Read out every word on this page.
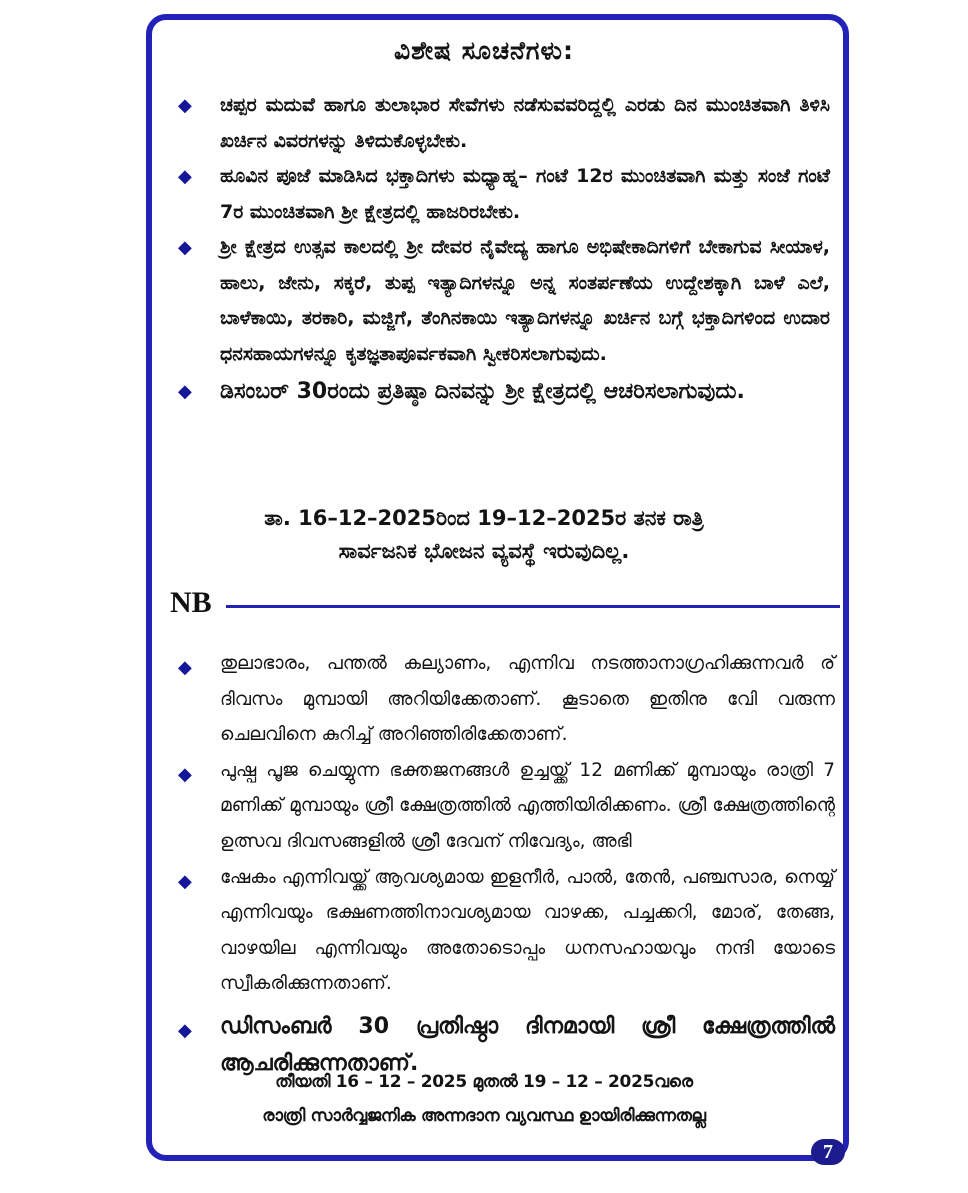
ವಿಶೇಷ ಸೂಚನೆಗಳು:

◆ ಚಪ್ಪರ ಮದುವೆ ಹಾಗೂ ತುಲಾಭಾರ ಸೇವೆಗಳು ನಡೆಸುವವರಿದ್ದಲ್ಲಿ ಎರಡು ದಿನ ಮುಂಚಿತವಾಗಿ ತಿಳಿಸಿ ಖರ್ಚಿನ ವಿವರಗಳನ್ನು ತಿಳಿದುಕೊಳ್ಳಬೇಕು.

◆ ಹೂವಿನ ಪೂಜೆ ಮಾಡಿಸಿದ ಭಕ್ತಾದಿಗಳು ಮಧ್ಯಾಹ್ನ– ಗಂಟೆ 12ರ ಮುಂಚಿತವಾಗಿ ಮತ್ತು ಸಂಜೆ ಗಂಟೆ 7ರ ಮುಂಚಿತವಾಗಿ ಶ್ರೀ ಕ್ಷೇತ್ರದಲ್ಲಿ ಹಾಜರಿರಬೇಕು.

◆ ಶ್ರೀ ಕ್ಷೇತ್ರದ ಉತ್ಸವ ಕಾಲದಲ್ಲಿ ಶ್ರೀ ದೇವರ ನೈವೇದ್ಯ ಹಾಗೂ ಅಭಿಷೇಕಾದಿಗಳಿಗೆ ಬೇಕಾಗುವ ಸೀಯಾಳ, ಹಾಲು, ಜೇನು, ಸಕ್ಕರೆ, ತುಪ್ಪ ಇತ್ಯಾದಿಗಳನ್ನೂ ಅನ್ನ ಸಂತರ್ಪಣೆಯ ಉದ್ದೇಶಕ್ಕಾಗಿ ಬಾಳೆ ಎಲೆ, ಬಾಳೆಕಾಯಿ, ತರಕಾರಿ, ಮಜ್ಜಿಗೆ, ತೆಂಗಿನಕಾಯಿ ಇತ್ಯಾದಿಗಳನ್ನೂ ಖರ್ಚಿನ ಬಗ್ಗೆ ಭಕ್ತಾದಿಗಳಿಂದ ಉದಾರ ಧನಸಹಾಯಗಳನ್ನೂ ಕೃತಜ್ಞತಾಪೂರ್ವಕವಾಗಿ ಸ್ವೀಕರಿಸಲಾಗುವುದು.

◆ ಡಿಸಂಬರ್ 30ರಂದು ಪ್ರತಿಷ್ಠಾ ದಿನವನ್ನು ಶ್ರೀ ಕ್ಷೇತ್ರದಲ್ಲಿ ಆಚರಿಸಲಾಗುವುದು.

ತಾ. 16–12–2025ರಿಂದ 19–12–2025ರ ತನಕ ರಾತ್ರಿ
ಸಾರ್ವಜನಿಕ ಭೋಜನ ವ್ಯವಸ್ಥೆ ಇರುವುದಿಲ್ಲ.
NB

◆ തുലാഭാരം, പന്തൽ കല്യാണം, എന്നിവ നടത്താനാഗ്രഹിക്കുന്നവർ ര് ദിവസം മുമ്പായി അറിയിക്കേതാണ്. കൂടാതെ ഇതിനു വേി വരുന്ന ചെലവിനെ കുറിച്ച് അറിഞ്ഞിരിക്കേതാണ്.

◆ പുഷ്പ പൂജ ചെയ്യുന്ന ഭക്തജനങ്ങൾ ഉച്ചയ്ക്ക് 12 മണിക്ക് മുമ്പായും രാത്രി 7 മണിക്ക് മുമ്പായും ശ്രീ ക്ഷേത്രത്തിൽ എത്തിയിരിക്കണം. ശ്രീ ക്ഷേത്രത്തിന്റെ ഉത്സവ ദിവസങ്ങളിൽ ശ്രീ ദേവന് നിവേദ്യം, അഭി

◆ ഷേകം എന്നിവയ്ക്ക് ആവശ്യമായ ഇളനീർ, പാൽ, തേൻ, പഞ്ചസാര, നെയ്യ് എന്നിവയും ഭക്ഷണത്തിനാവശ്യമായ വാഴക്ക, പച്ചക്കറി, മോര്, തേങ്ങ, വാഴയില എന്നിവയും അതോടൊപ്പം ധനസഹായവും നന്ദി യോടെ സ്വീകരിക്കുന്നതാണ്.

◆ ഡിസംബർ 30 പ്രതിഷ്ഠാ ദിനമായി ശ്രീ ക്ഷേത്രത്തിൽ ആചരിക്കുന്നതാണ്.

തീയതി 16 – 12 – 2025 മുതൽ 19 – 12 – 2025വരെ
രാത്രി സാർവ്വജനിക അന്നദാന വ്യവസ്ഥ ഉായിരിക്കുന്നതല്ല
7
